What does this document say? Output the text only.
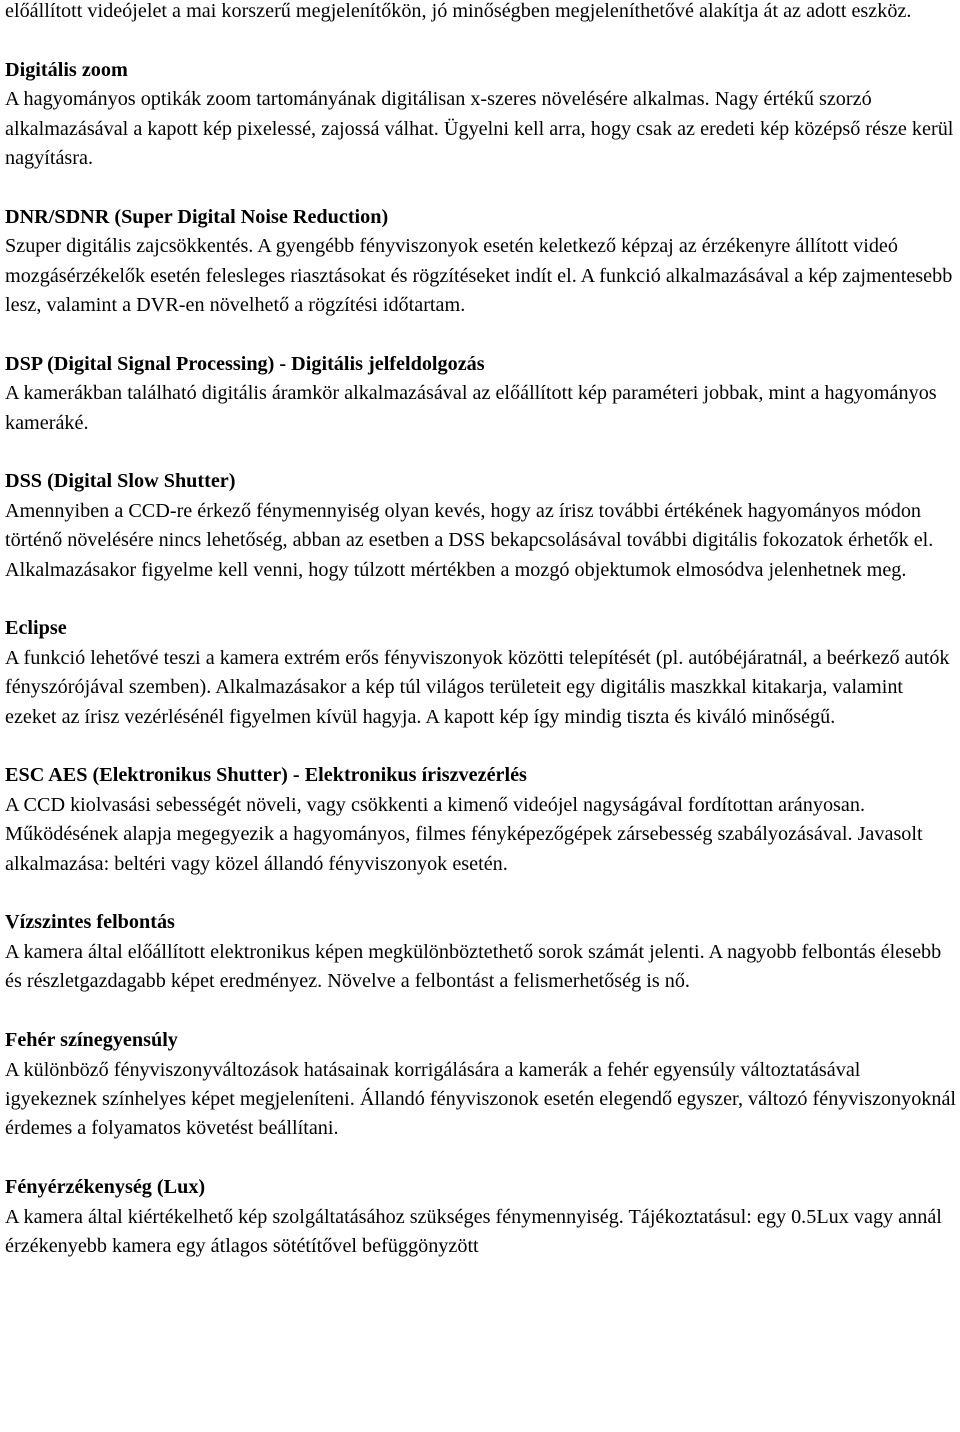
előállított videójelet a mai korszerű megjelenítőkön, jó minőségben megjeleníthetővé alakítja át az adott eszköz.

Digitális zoom

A hagyományos optikák zoom tartományának digitálisan x-szeres növelésére alkalmas. Nagy értékű szorzó alkalmazásával a kapott kép pixelessé, zajossá válhat. Ügyelni kell arra, hogy csak az eredeti kép középső része kerül nagyításra.

DNR/SDNR (Super Digital Noise Reduction)

Szuper digitális zajcsökkentés. A gyengébb fényviszonyok esetén keletkező képzaj az érzékenyre állított videó mozgásérzékelők esetén felesleges riasztásokat és rögzítéseket indít el. A funkció alkalmazásával a kép zajmentesebb lesz, valamint a DVR-en növelhető a rögzítési időtartam.

DSP (Digital Signal Processing) - Digitális jelfeldolgozás

A kamerákban található digitális áramkör alkalmazásával az előállított kép paraméteri jobbak, mint a hagyományos kameráké.

DSS (Digital Slow Shutter)

Amennyiben a CCD-re érkező fénymennyiség olyan kevés, hogy az írisz további értékének hagyományos módon történő növelésére nincs lehetőség, abban az esetben a DSS bekapcsolásával további digitális fokozatok érhetők el. Alkalmazásakor figyelme kell venni, hogy túlzott mértékben a mozgó objektumok elmosódva jelenhetnek meg.

Eclipse

A funkció lehetővé teszi a kamera extrém erős fényviszonyok közötti telepítését (pl. autóbéjáratnál, a beérkező autók fényszórójával szemben). Alkalmazásakor a kép túl világos területeit egy digitális maszkkal kitakarja, valamint ezeket az írisz vezérlésénél figyelmen kívül hagyja. A kapott kép így mindig tiszta és kiváló minőségű.

ESC AES (Elektronikus Shutter) - Elektronikus íriszvezérlés

A CCD kiolvasási sebességét növeli, vagy csökkenti a kimenő videójel nagyságával fordítottan arányosan. Működésének alapja megegyezik a hagyományos, filmes fényképezőgépek zársebesség szabályozásával. Javasolt alkalmazása: beltéri vagy közel állandó fényviszonyok esetén.

Vízszintes felbontás

A kamera által előállított elektronikus képen megkülönböztethető sorok számát jelenti. A nagyobb felbontás élesebb és részletgazdagabb képet eredményez. Növelve a felbontást a felismerhetőség is nő.

Fehér színegyensúly

A különböző fényviszonyváltozások hatásainak korrigálására a kamerák a fehér egyensúly változtatásával igyekeznek színhelyes képet megjeleníteni. Állandó fényviszonok esetén elegendő egyszer, változó fényviszonyoknál érdemes a folyamatos követést beállítani.

Fényérzékenység (Lux)

A kamera által kiértékelhető kép szolgáltatásához szükséges fénymennyiség. Tájékoztatásul: egy 0.5Lux vagy annál érzékenyebb kamera egy átlagos sötétítővel befüggönyzött
